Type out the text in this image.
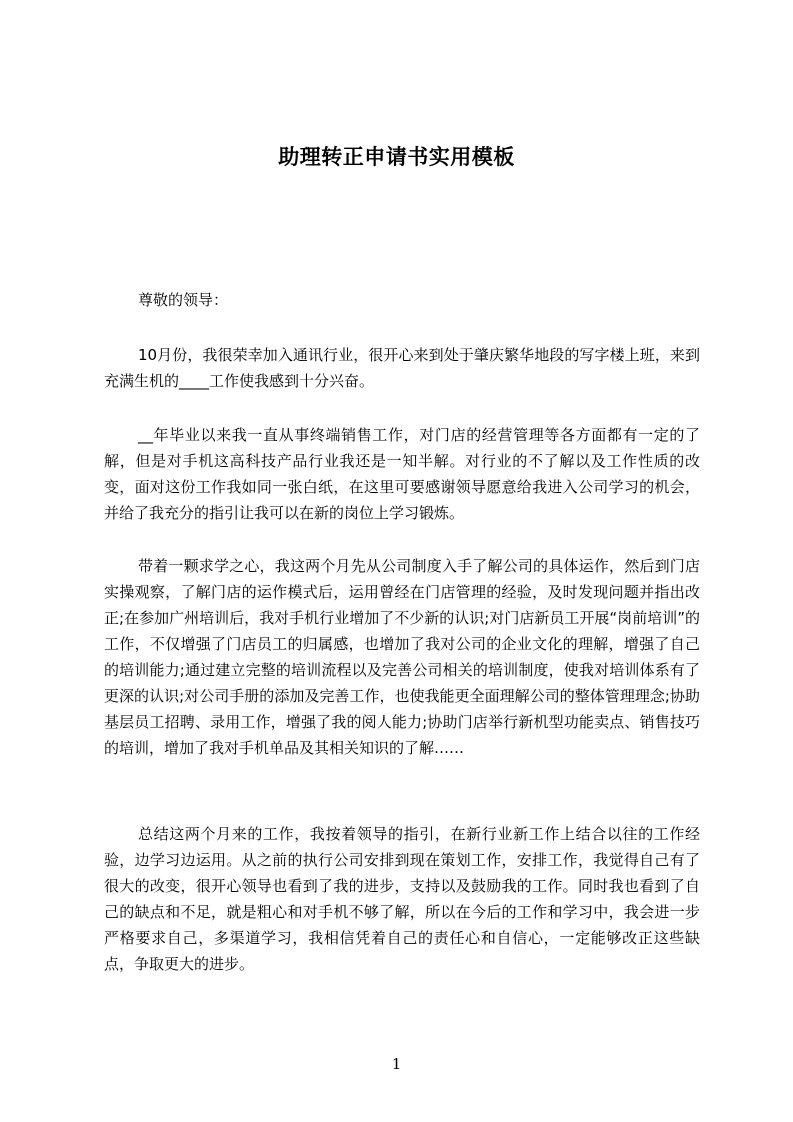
助理转正申请书实用模板

尊敬的领导：

10月份，我很荣幸加入通讯行业，很开心来到处于肇庆繁华地段的写字楼上班，来到充满生机的____工作使我感到十分兴奋。

__年毕业以来我一直从事终端销售工作，对门店的经营管理等各方面都有一定的了解，但是对手机这高科技产品行业我还是一知半解。对行业的不了解以及工作性质的改变，面对这份工作我如同一张白纸，在这里可要感谢领导愿意给我进入公司学习的机会，并给了我充分的指引让我可以在新的岗位上学习锻炼。

带着一颗求学之心，我这两个月先从公司制度入手了解公司的具体运作，然后到门店实操观察，了解门店的运作模式后，运用曾经在门店管理的经验，及时发现问题并指出改正;在参加广州培训后，我对手机行业增加了不少新的认识;对门店新员工开展“岗前培训”的工作，不仅增强了门店员工的归属感，也增加了我对公司的企业文化的理解，增强了自己的培训能力;通过建立完整的培训流程以及完善公司相关的培训制度，使我对培训体系有了更深的认识;对公司手册的添加及完善工作，也使我能更全面理解公司的整体管理理念;协助基层员工招聘、录用工作，增强了我的阅人能力;协助门店举行新机型功能卖点、销售技巧的培训，增加了我对手机单品及其相关知识的了解……

总结这两个月来的工作，我按着领导的指引，在新行业新工作上结合以往的工作经验，边学习边运用。从之前的执行公司安排到现在策划工作，安排工作，我觉得自己有了很大的改变，很开心领导也看到了我的进步，支持以及鼓励我的工作。同时我也看到了自己的缺点和不足，就是粗心和对手机不够了解，所以在今后的工作和学习中，我会进一步严格要求自己，多渠道学习，我相信凭着自己的责任心和自信心，一定能够改正这些缺点，争取更大的进步。

1
